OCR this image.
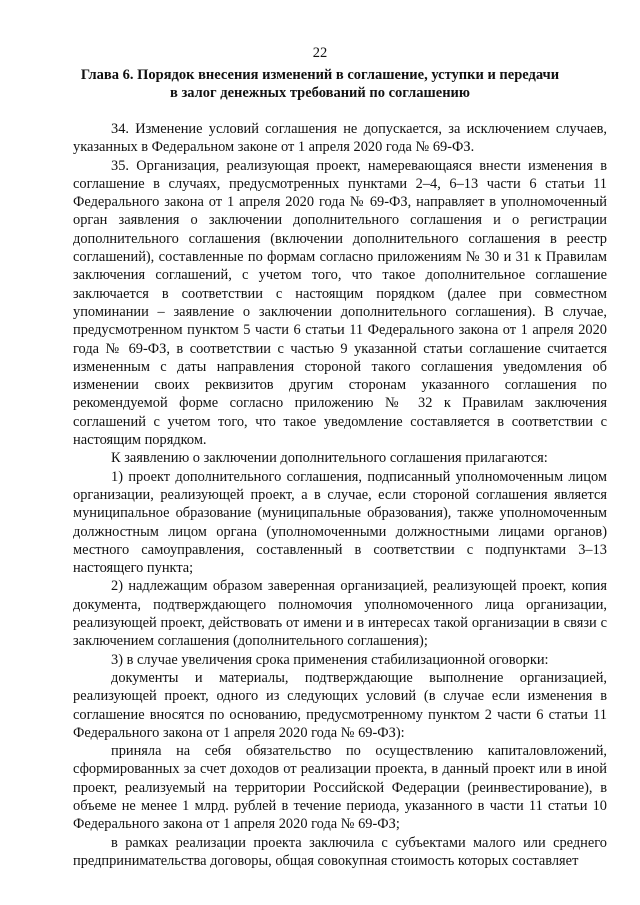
22
Глава 6. Порядок внесения изменений в соглашение, уступки и передачи
в залог денежных требований по соглашению

34. Изменение условий соглашения не допускается, за исключением случаев, указанных в Федеральном законе от 1 апреля 2020 года № 69-ФЗ.

35. Организация, реализующая проект, намеревающаяся внести изменения в соглашение в случаях, предусмотренных пунктами 2–4, 6–13 части 6 статьи 11 Федерального закона от 1 апреля 2020 года № 69-ФЗ, направляет в уполномоченный орган заявления о заключении дополнительного соглашения и о регистрации дополнительного соглашения (включении дополнительного соглашения в реестр соглашений), составленные по формам согласно приложениям № 30 и 31 к Правилам заключения соглашений, с учетом того, что такое дополнительное соглашение заключается в соответствии с настоящим порядком (далее при совместном упоминании – заявление о заключении дополнительного соглашения). В случае, предусмотренном пунктом 5 части 6 статьи 11 Федерального закона от 1 апреля 2020 года № 69-ФЗ, в соответствии с частью 9 указанной статьи соглашение считается измененным с даты направления стороной такого соглашения уведомления об изменении своих реквизитов другим сторонам указанного соглашения по рекомендуемой форме согласно приложению № 32 к Правилам заключения соглашений с учетом того, что такое уведомление составляется в соответствии с настоящим порядком.

К заявлению о заключении дополнительного соглашения прилагаются:

1) проект дополнительного соглашения, подписанный уполномоченным лицом организации, реализующей проект, а в случае, если стороной соглашения является муниципальное образование (муниципальные образования), также уполномоченным должностным лицом органа (уполномоченными должностными лицами органов) местного самоуправления, составленный в соответствии с подпунктами 3–13 настоящего пункта;

2) надлежащим образом заверенная организацией, реализующей проект, копия документа, подтверждающего полномочия уполномоченного лица организации, реализующей проект, действовать от имени и в интересах такой организации в связи с заключением соглашения (дополнительного соглашения);

3) в случае увеличения срока применения стабилизационной оговорки:

документы и материалы, подтверждающие выполнение организацией, реализующей проект, одного из следующих условий (в случае если изменения в соглашение вносятся по основанию, предусмотренному пунктом 2 части 6 статьи 11 Федерального закона от 1 апреля 2020 года № 69-ФЗ):

приняла на себя обязательство по осуществлению капиталовложений, сформированных за счет доходов от реализации проекта, в данный проект или в иной проект, реализуемый на территории Российской Федерации (реинвестирование), в объеме не менее 1 млрд. рублей в течение периода, указанного в части 11 статьи 10 Федерального закона от 1 апреля 2020 года № 69-ФЗ;

в рамках реализации проекта заключила с субъектами малого или среднего предпринимательства договоры, общая совокупная стоимость которых составляет
